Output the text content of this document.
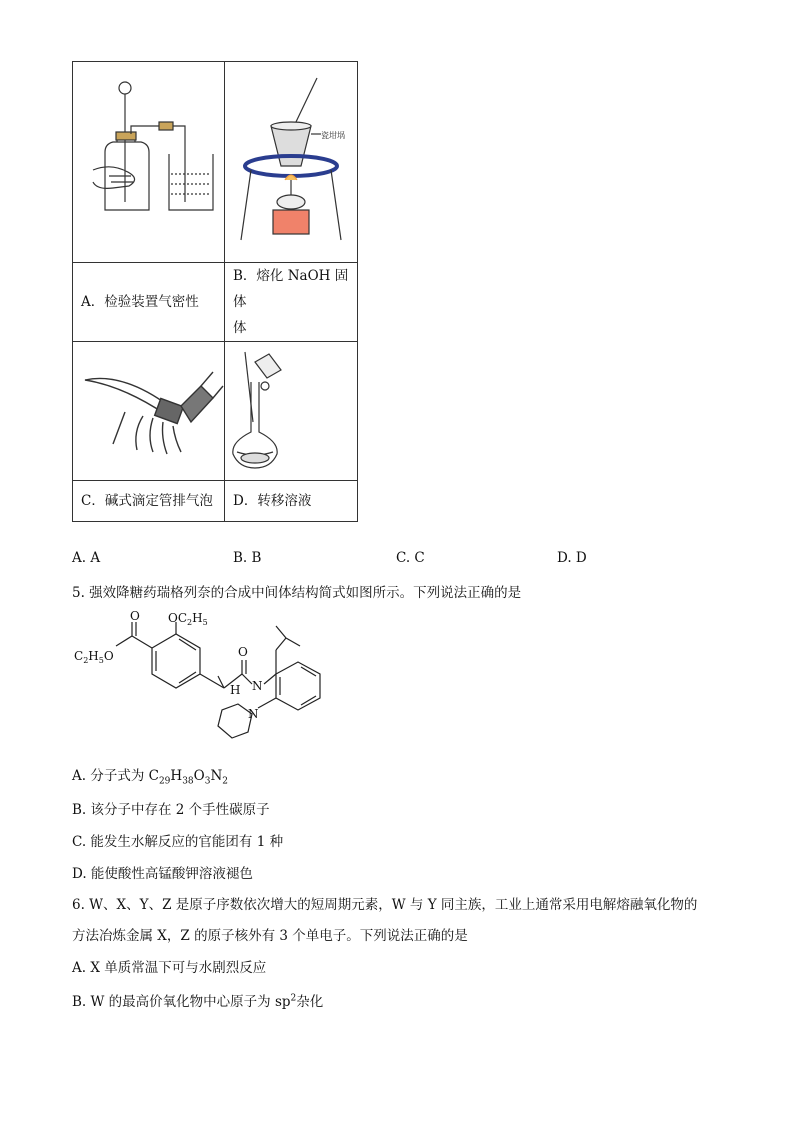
瓷坩埚

A．检验装置气密性	B．熔化 NaOH 固体
体

C．碱式滴定管排气泡	D．转移溶液
A. A	B. B	C. C	D. D
5. 强效降糖药瑞格列奈的合成中间体结构简式如图所示。下列说法正确的是
O $OC_2H_5$
$C_2H_5O$	O
N
H
N
A. 分子式为 $C_{29}H_{38}O_3N_2$
B. 该分子中存在 2 个手性碳原子
C. 能发生水解反应的官能团有 1 种
D. 能使酸性高锰酸钾溶液褪色
6. W、X、Y、Z 是原子序数依次增大的短周期元素，W 与 Y 同主族，工业上通常采用电解熔融氧化物的
方法冶炼金属 X，Z 的原子核外有 3 个单电子。下列说法正确的是
A. X 单质常温下可与水剧烈反应
B. W 的最高价氧化物中心原子为 $sp^2$杂化
